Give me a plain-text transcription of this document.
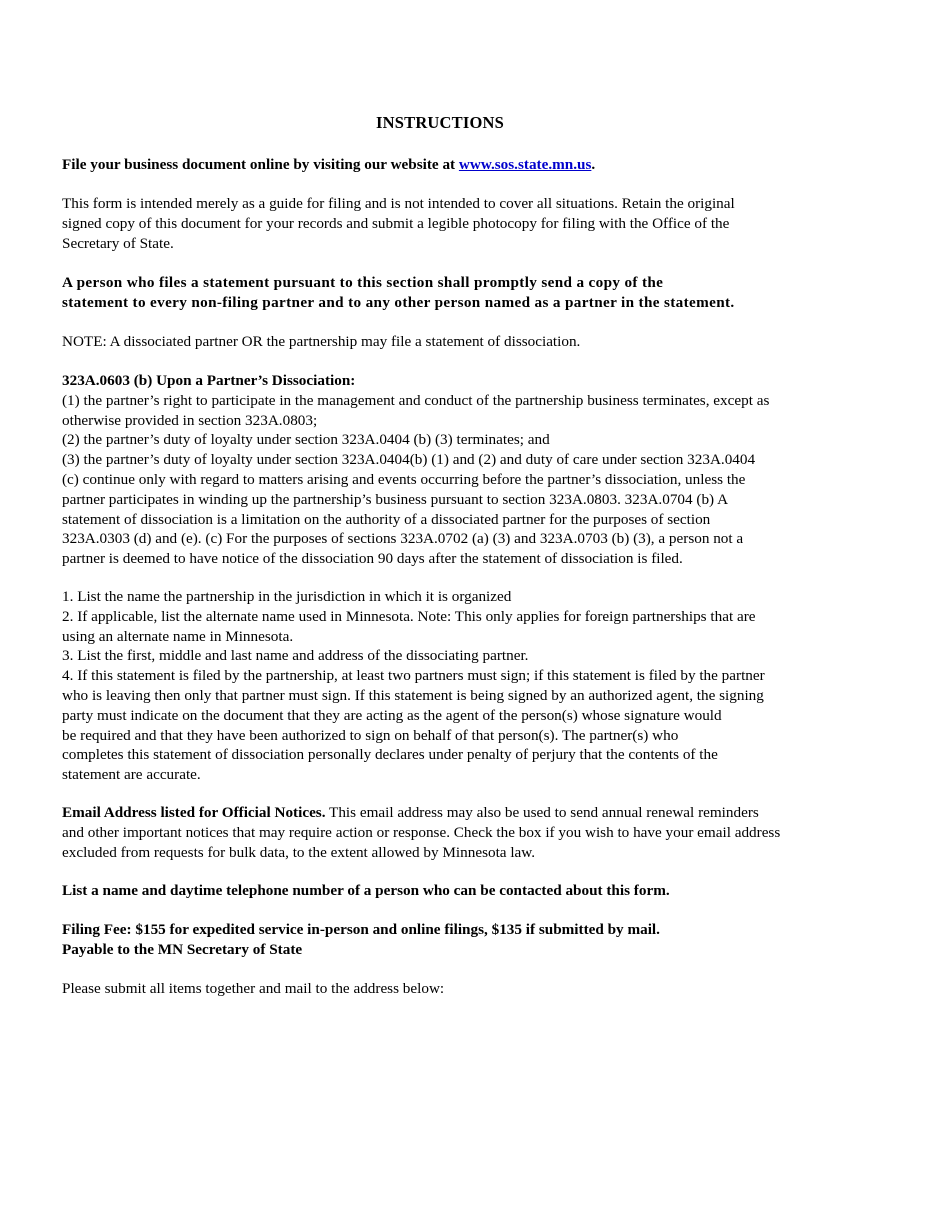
INSTRUCTIONS
File your business document online by visiting our website at www.sos.state.mn.us.
This form is intended merely as a guide for filing and is not intended to cover all situations. Retain the original
signed copy of this document for your records and submit a legible photocopy for filing with the Office of the
Secretary of State.
A person who files a statement pursuant to this section shall promptly send a copy of the
statement to every non-filing partner and to any other person named as a partner in the statement.
NOTE: A dissociated partner OR the partnership may file a statement of dissociation.
323A.0603 (b) Upon a Partner’s Dissociation:
(1) the partner’s right to participate in the management and conduct of the partnership business terminates, except as
otherwise provided in section 323A.0803;
(2) the partner’s duty of loyalty under section 323A.0404 (b) (3) terminates; and
(3) the partner’s duty of loyalty under section 323A.0404(b) (1) and (2) and duty of care under section 323A.0404
(c) continue only with regard to matters arising and events occurring before the partner’s dissociation, unless the
partner participates in winding up the partnership’s business pursuant to section 323A.0803. 323A.0704 (b) A
statement of dissociation is a limitation on the authority of a dissociated partner for the purposes of section
323A.0303 (d) and (e). (c) For the purposes of sections 323A.0702 (a) (3) and 323A.0703 (b) (3), a person not a
partner is deemed to have notice of the dissociation 90 days after the statement of dissociation is filed.
1. List the name the partnership in the jurisdiction in which it is organized
2. If applicable, list the alternate name used in Minnesota. Note: This only applies for foreign partnerships that are
using an alternate name in Minnesota.
3. List the first, middle and last name and address of the dissociating partner.
4. If this statement is filed by the partnership, at least two partners must sign; if this statement is filed by the partner
who is leaving then only that partner must sign. If this statement is being signed by an authorized agent, the signing
party must indicate on the document that they are acting as the agent of the person(s) whose signature would
be required and that they have been authorized to sign on behalf of that person(s). The partner(s) who
completes this statement of dissociation personally declares under penalty of perjury that the contents of the
statement are accurate.
Email Address listed for Official Notices. This email address may also be used to send annual renewal reminders
and other important notices that may require action or response. Check the box if you wish to have your email address
excluded from requests for bulk data, to the extent allowed by Minnesota law.
List a name and daytime telephone number of a person who can be contacted about this form.
Filing Fee: $155 for expedited service in-person and online filings, $135 if submitted by mail.
Payable to the MN Secretary of State
Please submit all items together and mail to the address below:
